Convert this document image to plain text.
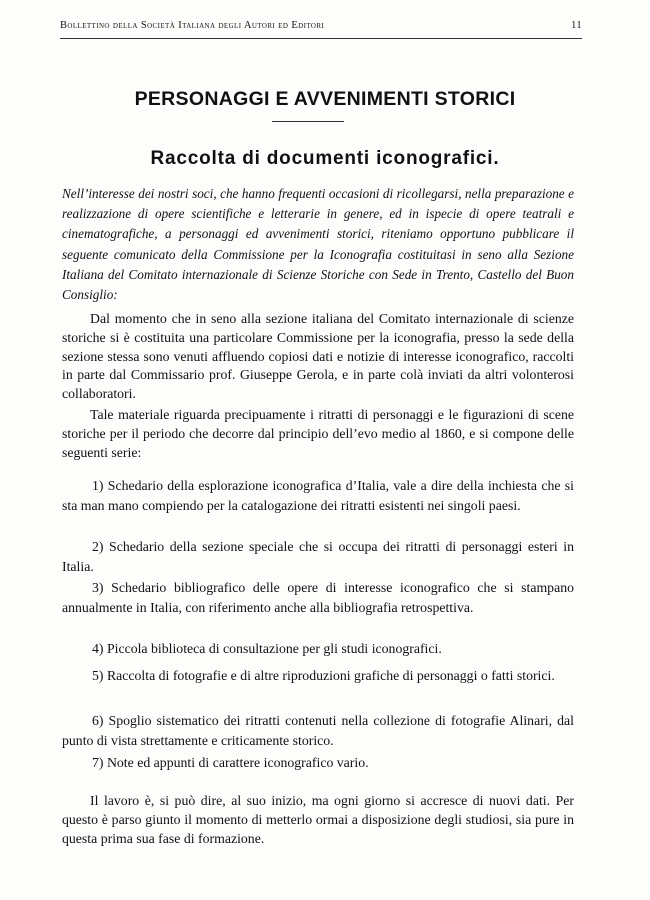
Bollettino della Società Italiana degli Autori ed Editori	11
PERSONAGGI E AVVENIMENTI STORICI
Raccolta di documenti iconografici.
Nell’interesse dei nostri soci, che hanno frequenti occasioni di ricollegarsi, nella preparazione e realizzazione di opere scientifiche e letterarie in genere, ed in ispecie di opere teatrali e cinematografiche, a personaggi ed avvenimenti storici, riteniamo opportuno pubblicare il seguente comunicato della Commissione per la Iconografia costituitasi in seno alla Sezione Italiana del Comitato internazionale di Scienze Storiche con Sede in Trento, Castello del Buon Consiglio:
Dal momento che in seno alla sezione italiana del Comitato internazionale di scienze storiche si è costituita una particolare Commissione per la iconografia, presso la sede della sezione stessa sono venuti affluendo copiosi dati e notizie di interesse iconografico, raccolti in parte dal Commissario prof. Giuseppe Gerola, e in parte colà inviati da altri volonterosi collaboratori.
Tale materiale riguarda precipuamente i ritratti di personaggi e le figurazioni di scene storiche per il periodo che decorre dal principio dell’evo medio al 1860, e si compone delle seguenti serie:
1) Schedario della esplorazione iconografica d’Italia, vale a dire della inchiesta che si sta man mano compiendo per la catalogazione dei ritratti esistenti nei singoli paesi.
2) Schedario della sezione speciale che si occupa dei ritratti di personaggi esteri in Italia.
3) Schedario bibliografico delle opere di interesse iconografico che si stampano annualmente in Italia, con riferimento anche alla bibliografia retrospettiva.
4) Piccola biblioteca di consultazione per gli studi iconografici.
5) Raccolta di fotografie e di altre riproduzioni grafiche di personaggi o fatti storici.
6) Spoglio sistematico dei ritratti contenuti nella collezione di fotografie Alinari, dal punto di vista strettamente e criticamente storico.
7) Note ed appunti di carattere iconografico vario.
Il lavoro è, si può dire, al suo inizio, ma ogni giorno si accresce di nuovi dati. Per questo è parso giunto il momento di metterlo ormai a disposizione degli studiosi, sia pure in questa prima sua fase di formazione.
